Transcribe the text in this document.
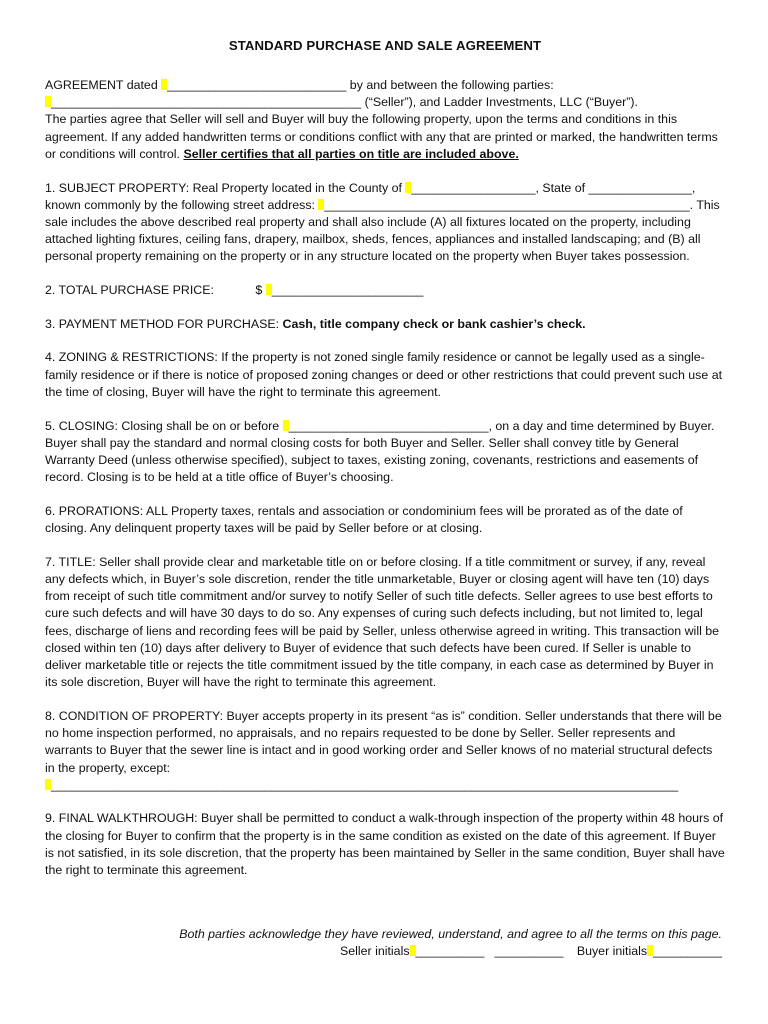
STANDARD PURCHASE AND SALE AGREEMENT

AGREEMENT dated __________________________ by and between the following parties:
_____________________________________________ (“Seller”), and Ladder Investments, LLC (“Buyer”).
The parties agree that Seller will sell and Buyer will buy the following property, upon the terms and conditions in this agreement. If any added handwritten terms or conditions conflict with any that are printed or marked, the handwritten terms or conditions will control. Seller certifies that all parties on title are included above.

1. SUBJECT PROPERTY: Real Property located in the County of __________________, State of _______________,
known commonly by the following street address: _____________________________________________________. This sale includes the above described real property and shall also include (A) all fixtures located on the property, including attached lighting fixtures, ceiling fans, drapery, mailbox, sheds, fences, appliances and installed landscaping; and (B) all personal property remaining on the property or in any structure located on the property when Buyer takes possession.

2. TOTAL PURCHASE PRICE:	$ ______________________

3. PAYMENT METHOD FOR PURCHASE: Cash, title company check or bank cashier’s check.

4. ZONING & RESTRICTIONS: If the property is not zoned single family residence or cannot be legally used as a single-family residence or if there is notice of proposed zoning changes or deed or other restrictions that could prevent such use at the time of closing, Buyer will have the right to terminate this agreement.

5. CLOSING: Closing shall be on or before _____________________________, on a day and time determined by Buyer. Buyer shall pay the standard and normal closing costs for both Buyer and Seller. Seller shall convey title by General Warranty Deed (unless otherwise specified), subject to taxes, existing zoning, covenants, restrictions and easements of record. Closing is to be held at a title office of Buyer’s choosing.

6. PRORATIONS: ALL Property taxes, rentals and association or condominium fees will be prorated as of the date of closing. Any delinquent property taxes will be paid by Seller before or at closing.

7. TITLE: Seller shall provide clear and marketable title on or before closing. If a title commitment or survey, if any, reveal any defects which, in Buyer’s sole discretion, render the title unmarketable, Buyer or closing agent will have ten (10) days from receipt of such title commitment and/or survey to notify Seller of such title defects. Seller agrees to use best efforts to cure such defects and will have 30 days to do so. Any expenses of curing such defects including, but not limited to, legal fees, discharge of liens and recording fees will be paid by Seller, unless otherwise agreed in writing. This transaction will be closed within ten (10) days after delivery to Buyer of evidence that such defects have been cured. If Seller is unable to deliver marketable title or rejects the title commitment issued by the title company, in each case as determined by Buyer in its sole discretion, Buyer will have the right to terminate this agreement.

8. CONDITION OF PROPERTY: Buyer accepts property in its present “as is” condition. Seller understands that there will be no home inspection performed, no appraisals, and no repairs requested to be done by Seller. Seller represents and warrants to Buyer that the sewer line is intact and in good working order and Seller knows of no material structural defects in the property, except:
___________________________________________________________________________________________

9. FINAL WALKTHROUGH: Buyer shall be permitted to conduct a walk-through inspection of the property within 48 hours of the closing for Buyer to confirm that the property is in the same condition as existed on the date of this agreement. If Buyer is not satisfied, in its sole discretion, that the property has been maintained by Seller in the same condition, Buyer shall have the right to terminate this agreement.

Both parties acknowledge they have reviewed, understand, and agree to all the terms on this page.

Seller initials __________ __________ Buyer initials __________
